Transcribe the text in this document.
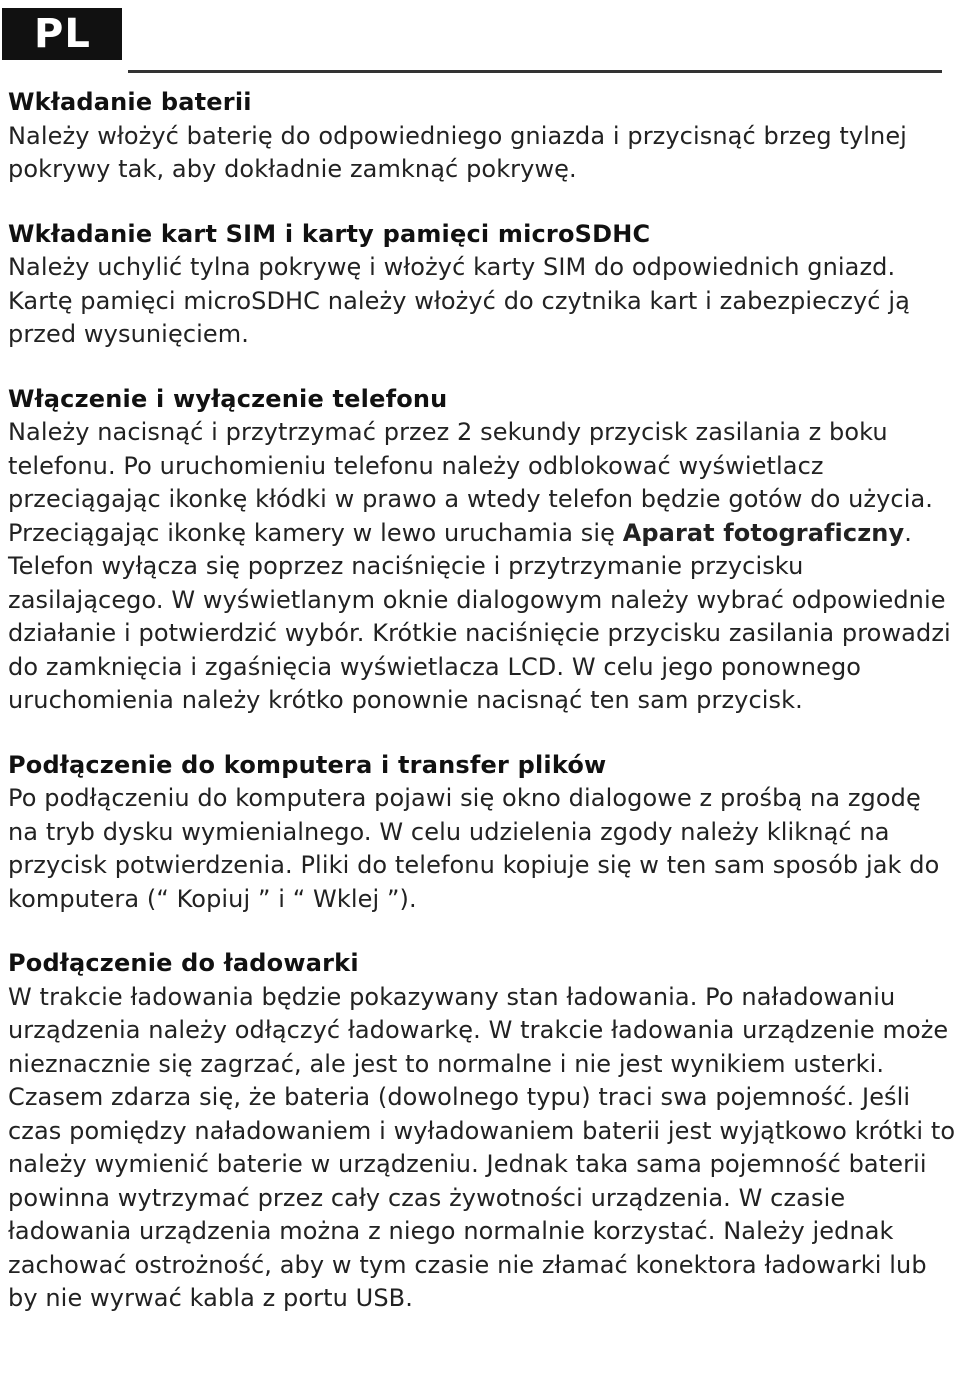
PL
Wkładanie baterii

Należy włożyć baterię do odpowiedniego gniazda i przycisnąć brzeg tylnej pokrywy tak, aby dokładnie zamknąć pokrywę.

Wkładanie kart SIM i karty pamięci microSDHC

Należy uchylić tylna pokrywę i włożyć karty SIM do odpowiednich gniazd. Kartę pamięci microSDHC należy włożyć do czytnika kart i zabezpieczyć ją przed wysunięciem.

Włączenie i wyłączenie telefonu

Należy nacisnąć i przytrzymać przez 2 sekundy przycisk zasilania z boku telefonu. Po uruchomieniu telefonu należy odblokować wyświetlacz przeciągając ikonkę kłódki w prawo a wtedy telefon będzie gotów do użycia. Przeciągając ikonkę kamery w lewo uruchamia się Aparat fotograficzny. Telefon wyłącza się poprzez naciśnięcie i przytrzymanie przycisku zasilającego. W wyświetlanym oknie dialogowym należy wybrać odpowiednie działanie i potwierdzić wybór. Krótkie naciśnięcie przycisku zasilania prowadzi do zamknięcia i zgaśnięcia wyświetlacza LCD. W celu jego ponownego uruchomienia należy krótko ponownie nacisnąć ten sam przycisk.

Podłączenie do komputera i transfer plików

Po podłączeniu do komputera pojawi się okno dialogowe z prośbą na zgodę na tryb dysku wymienialnego. W celu udzielenia zgody należy kliknąć na przycisk potwierdzenia. Pliki do telefonu kopiuje się w ten sam sposób jak do komputera (“ Kopiuj ” i “ Wklej ”).

Podłączenie do ładowarki

W trakcie ładowania będzie pokazywany stan ładowania. Po naładowaniu urządzenia należy odłączyć ładowarkę. W trakcie ładowania urządzenie może nieznacznie się zagrzać, ale jest to normalne i nie jest wynikiem usterki. Czasem zdarza się, że bateria (dowolnego typu) traci swa pojemność. Jeśli czas pomiędzy naładowaniem i wyładowaniem baterii jest wyjątkowo krótki to należy wymienić baterie w urządzeniu. Jednak taka sama pojemność baterii powinna wytrzymać przez cały czas żywotności urządzenia. W czasie ładowania urządzenia można z niego normalnie korzystać. Należy jednak zachować ostrożność, aby w tym czasie nie złamać konektora ładowarki lub by nie wyrwać kabla z portu USB.
